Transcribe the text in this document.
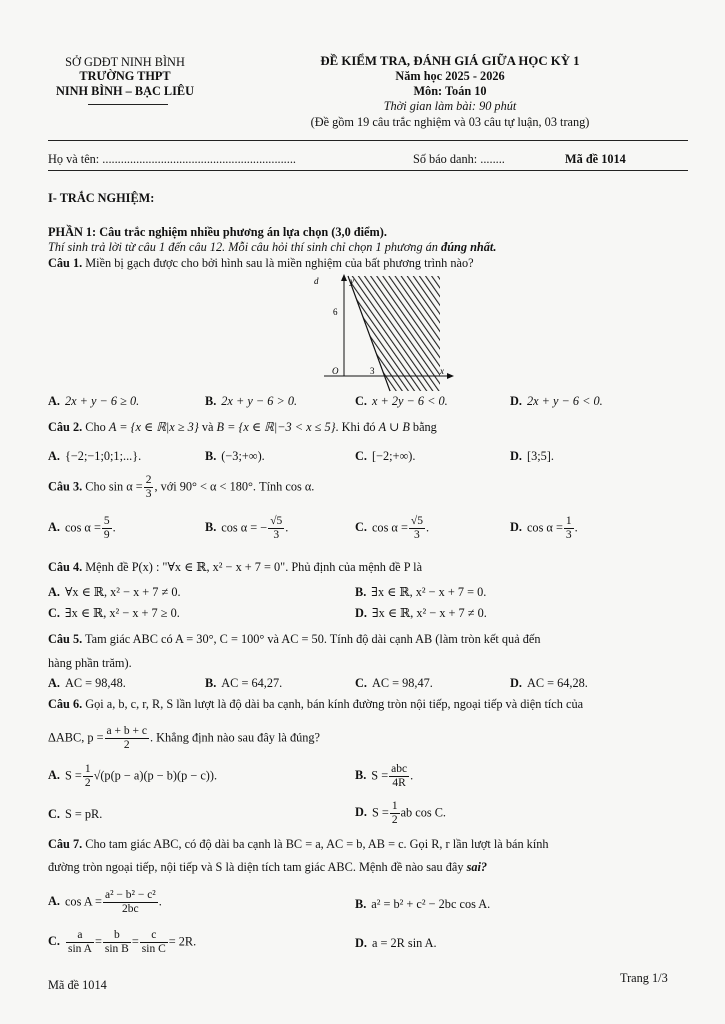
SỞ GDĐT NINH BÌNH
TRƯỜNG THPT
NINH BÌNH – BẠC LIÊU
ĐỀ KIỂM TRA, ĐÁNH GIÁ GIỮA HỌC KỲ 1
Năm học 2025 - 2026
Môn: Toán 10
Thời gian làm bài: 90 phút
(Đề gồm 19 câu trắc nghiệm và 03 câu tự luận, 03 trang)
Họ và tên: ...............................................................	Số báo danh: ........	Mã đề 1014
I- TRẮC NGHIỆM:
PHẦN 1: Câu trắc nghiệm nhiều phương án lựa chọn (3,0 điểm).
Thí sinh trả lời từ câu 1 đến câu 12. Mỗi câu hỏi thí sinh chỉ chọn 1 phương án đúng nhất.
Câu 1. Miền bị gạch được cho bởi hình sau là miền nghiệm của bất phương trình nào?
d	y
6
O	3	x
A. 2x + y − 6 ≥ 0.	B. 2x + y − 6 > 0.	C. x + 2y − 6 < 0.	D. 2x + y − 6 < 0.
Câu 2. Cho A = {x ∈ ℝ|x ≥ 3} và B = {x ∈ ℝ|−3 < x ≤ 5}. Khi đó A ∪ B bằng
A. {−2;−1;0;1;...}.	B. (−3;+∞).	C. [−2;+∞).	D. [3;5].
Câu 3. Cho $\sin \alpha = \frac{2}{3}$ , với 90° < α < 180°. Tính cos α.
A. $\cos \alpha = \frac{5}{9}$ .	B. cos α = − $\frac{√5}{3}$ .	C. $\cos \alpha = \frac{√5}{3}$ .	D. $\cos \alpha = \frac{1}{3}$ .
Câu 4. Mệnh đề P(x) : "∀x ∈ ℝ, x² − x + 7 = 0". Phủ định của mệnh đề P là
A. ∀x ∈ ℝ, x² − x + 7 ≠ 0.	B. ∃x ∈ ℝ, x² − x + 7 = 0.
C. ∃x ∈ ℝ, x² − x + 7 ≥ 0.	D. ∃x ∈ ℝ, x² − x + 7 ≠ 0.
Câu 5. Tam giác ABC có A = 30°, C = 100° và AC = 50. Tính độ dài cạnh AB (làm tròn kết quả đến
hàng phần trăm).
A. AC = 98,48.	B. AC = 64,27.	C. AC = 98,47.	D. AC = 64,28.
Câu 6. Gọi a, b, c, r, R, S lần lượt là độ dài ba cạnh, bán kính đường tròn nội tiếp, ngoại tiếp và diện tích của
ΔABC, $p = \frac{a + b + c}{2}$ . Khẳng định nào sau đây là đúng?
A. $S = \frac{1}{2} √(p(p - a)(p - b)(p - c))$.	B. $S = \frac{\text{abc}}{4R}$ .
C. S = pR.	D. $S = \frac{1}{2}$ ab cos C.
Câu 7. Cho tam giác ABC, có độ dài ba cạnh là BC = a, AC = b, AB = c. Gọi R, r lần lượt là bán kính
đường tròn ngoại tiếp, nội tiếp và S là diện tích tam giác ABC. Mệnh đề nào sau đây sai?
A. $\cos A = \frac{\text{a² − b² − c²}}{2bc}$ .	B. a² = b² + c² − 2bc cos A.
C. $\frac{a}{\text{sin A}} = \frac{b}{\text{sin B}} = \frac{c}{\text{sin C}} = 2R$.	D. a = 2R sin A.
Mã đề 1014	Trang 1/3
